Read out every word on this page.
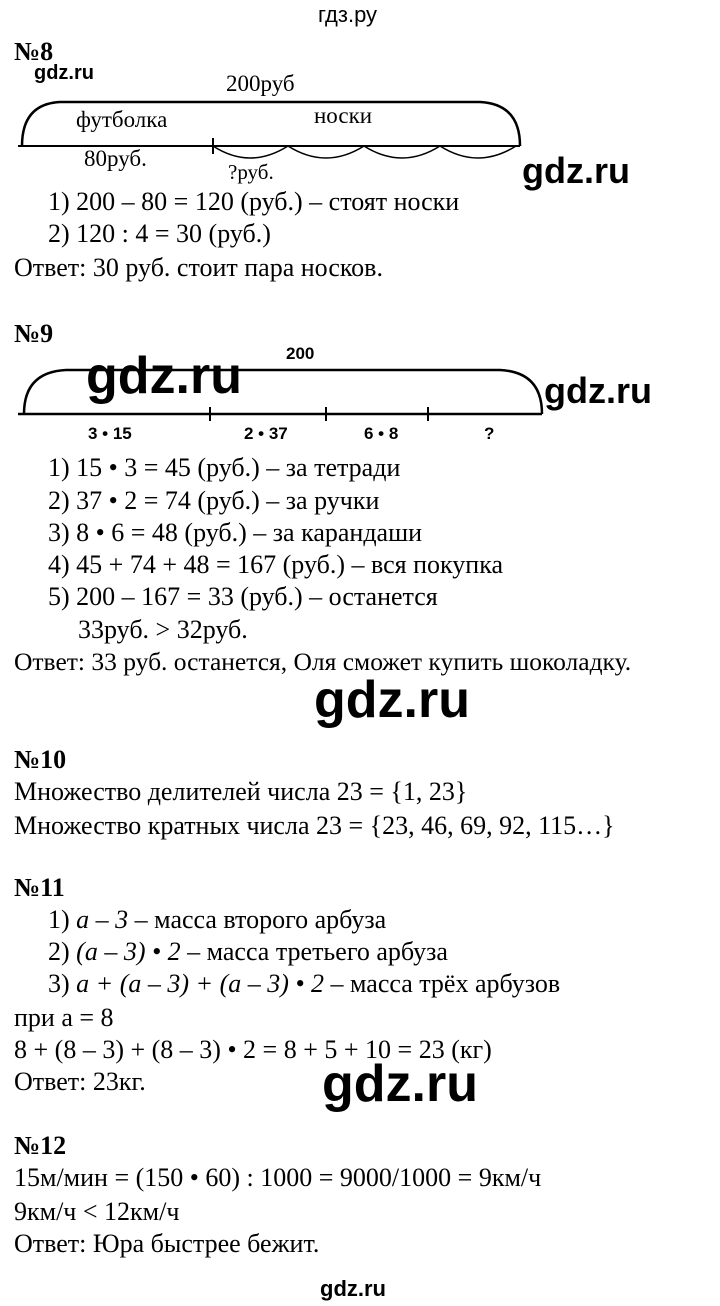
гдз.ру
№8
gdz.ru	200руб
футболка	носки
80руб.
?руб.	gdz.ru
1) 200 – 80 = 120 (руб.) – стоят носки
2) 120 : 4 = 30 (руб.)
Ответ: 30 руб. стоит пара носков.
№9
gdz.ru	200
3 • 15	2 • 37	6 • 8	?
gdz.ru
1) 15 • 3 = 45 (руб.) – за тетради
2) 37 • 2 = 74 (руб.) – за ручки
3) 8 • 6 = 48 (руб.) – за карандаши
4) 45 + 74 + 48 = 167 (руб.) – вся покупка
5) 200 – 167 = 33 (руб.) – останется
33руб. > 32руб.
Ответ: 33 руб. останется, Оля сможет купить шоколадку.
gdz.ru
№10
Множество делителей числа 23 = {1, 23}
Множество кратных числа 23 = {23, 46, 69, 92, 115…}
№11
1) a – 3 – масса второго арбуза
2) (a – 3) • 2 – масса третьего арбуза
3) a + (a – 3) + (a – 3) • 2 – масса трёх арбузов
при a = 8
8 + (8 – 3) + (8 – 3) • 2 = 8 + 5 + 10 = 23 (кг)
Ответ: 23кг.	gdz.ru
№12
15м/мин = (150 • 60) : 1000 = 9000/1000 = 9км/ч
9км/ч < 12км/ч
Ответ: Юра быстрее бежит.
gdz.ru
